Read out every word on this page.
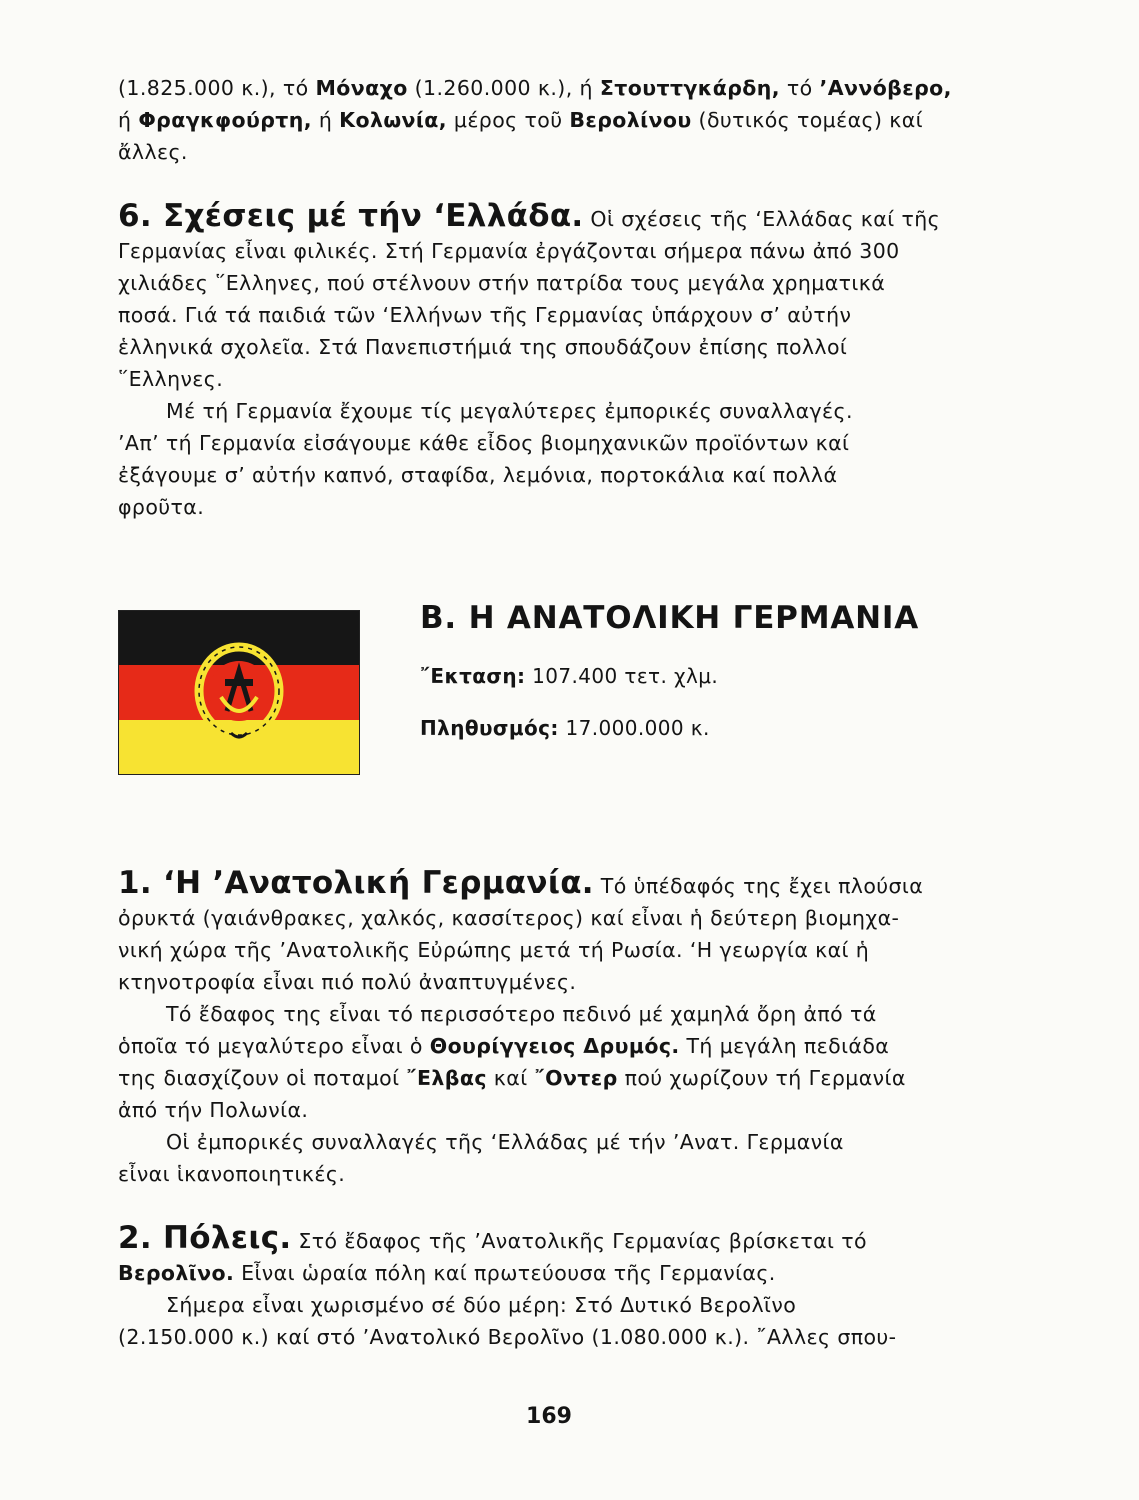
(1.825.000 κ.), τό Μόναχο (1.260.000 κ.), ή Στουττγκάρδη, τό ’Αννόβερο,

ή Φραγκφούρτη, ή Κολωνία, μέρος τοῦ Βερολίνου (δυτικός τομέας) καί

ἄλλες.

6. Σχέσεις μέ τήν ‘Ελλάδα. Οἱ σχέσεις τῆς ‘Ελλάδας καί τῆς

Γερμανίας εἶναι φιλικές. Στή Γερμανία ἐργάζονται σήμερα πάνω ἀπό 300

χιλιάδες ῞Ελληνες, πού στέλνουν στήν πατρίδα τους μεγάλα χρηματικά

ποσά. Γιά τά παιδιά τῶν ‘Ελλήνων τῆς Γερμανίας ὑπάρχουν σ’ αὐτήν

ἑλληνικά σχολεῖα. Στά Πανεπιστήμιά της σπουδάζουν ἐπίσης πολλοί

῞Ελληνες.

Μέ τή Γερμανία ἔχουμε τίς μεγαλύτερες ἐμπορικές συναλλαγές.

’Απ’ τή Γερμανία εἰσάγουμε κάθε εἶδος βιομηχανικῶν προϊόντων καί

ἐξάγουμε σ’ αὐτήν καπνό, σταφίδα, λεμόνια, πορτοκάλια καί πολλά

φροῦτα.

Β. Η ΑΝΑΤΟΛΙΚΗ ΓΕΡΜΑΝΙΑ

῎Εκταση: 107.400 τετ. χλμ.

Πληθυσμός: 17.000.000 κ.

1. ‘Η ’Ανατολική Γερμανία. Τό ὑπέδαφός της ἔχει πλούσια

ὀρυκτά (γαιάνθρακες, χαλκός, κασσίτερος) καί εἶναι ἡ δεύτερη βιομηχα-

νική χώρα τῆς ’Ανατολικῆς Εὐρώπης μετά τή Ρωσία. ‘Η γεωργία καί ἡ

κτηνοτροφία εἶναι πιό πολύ ἀναπτυγμένες.

Τό ἔδαφος της εἶναι τό περισσότερο πεδινό μέ χαμηλά ὄρη ἀπό τά

ὁποῖα τό μεγαλύτερο εἶναι ὁ Θουρίγγειος Δρυμός. Τή μεγάλη πεδιάδα

της διασχίζουν οἱ ποταμοί ῎Ελβας καί ῎Οντερ πού χωρίζουν τή Γερμανία

ἀπό τήν Πολωνία.

Οἱ ἐμπορικές συναλλαγές τῆς ‘Ελλάδας μέ τήν ’Ανατ. Γερμανία

εἶναι ἱκανοποιητικές.

2. Πόλεις. Στό ἔδαφος τῆς ’Ανατολικῆς Γερμανίας βρίσκεται τό

Βερολῖνο. Εἶναι ὡραία πόλη καί πρωτεύουσα τῆς Γερμανίας.

Σήμερα εἶναι χωρισμένο σέ δύο μέρη: Στό Δυτικό Βερολῖνο

(2.150.000 κ.) καί στό ’Ανατολικό Βερολῖνο (1.080.000 κ.). ῎Αλλες σπου-

169
